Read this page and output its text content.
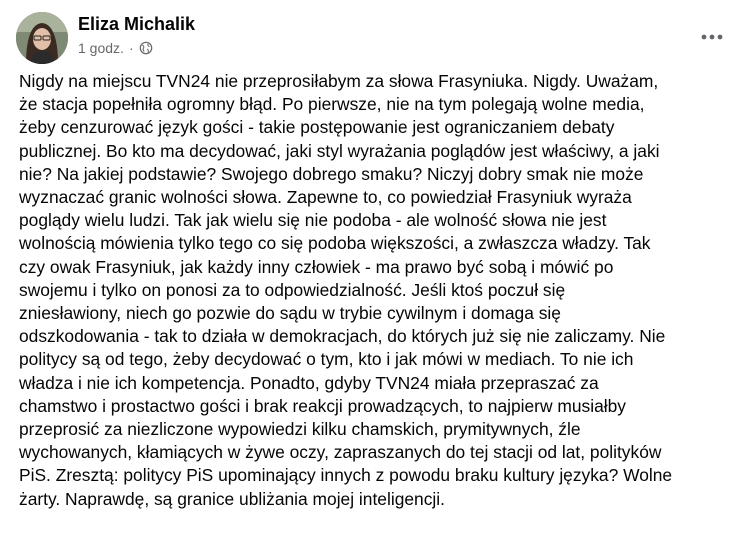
Eliza Michalik
1 godz. ·

Nigdy na miejscu TVN24 nie przeprosiłabym za słowa Frasyniuka. Nigdy. Uważam,
że stacja popełniła ogromny błąd. Po pierwsze, nie na tym polegają wolne media,
żeby cenzurować język gości - takie postępowanie jest ograniczaniem debaty
publicznej. Bo kto ma decydować, jaki styl wyrażania poglądów jest właściwy, a jaki
nie? Na jakiej podstawie? Swojego dobrego smaku? Niczyj dobry smak nie może
wyznaczać granic wolności słowa. Zapewne to, co powiedział Frasyniuk wyraża
poglądy wielu ludzi. Tak jak wielu się nie podoba - ale wolność słowa nie jest
wolnością mówienia tylko tego co się podoba większości, a zwłaszcza władzy. Tak
czy owak Frasyniuk, jak każdy inny człowiek - ma prawo być sobą i mówić po
swojemu i tylko on ponosi za to odpowiedzialność. Jeśli ktoś poczuł się
zniesławiony, niech go pozwie do sądu w trybie cywilnym i domaga się
odszkodowania - tak to działa w demokracjach, do których już się nie zaliczamy. Nie
politycy są od tego, żeby decydować o tym, kto i jak mówi w mediach. To nie ich
władza i nie ich kompetencja. Ponadto, gdyby TVN24 miała przepraszać za
chamstwo i prostactwo gości i brak reakcji prowadzących, to najpierw musiałby
przeprosić za niezliczone wypowiedzi kilku chamskich, prymitywnych, źle
wychowanych, kłamiących w żywe oczy, zapraszanych do tej stacji od lat, polityków
PiS. Zresztą: politycy PiS upominający innych z powodu braku kultury języka? Wolne
żarty. Naprawdę, są granice ubliżania mojej inteligencji.
